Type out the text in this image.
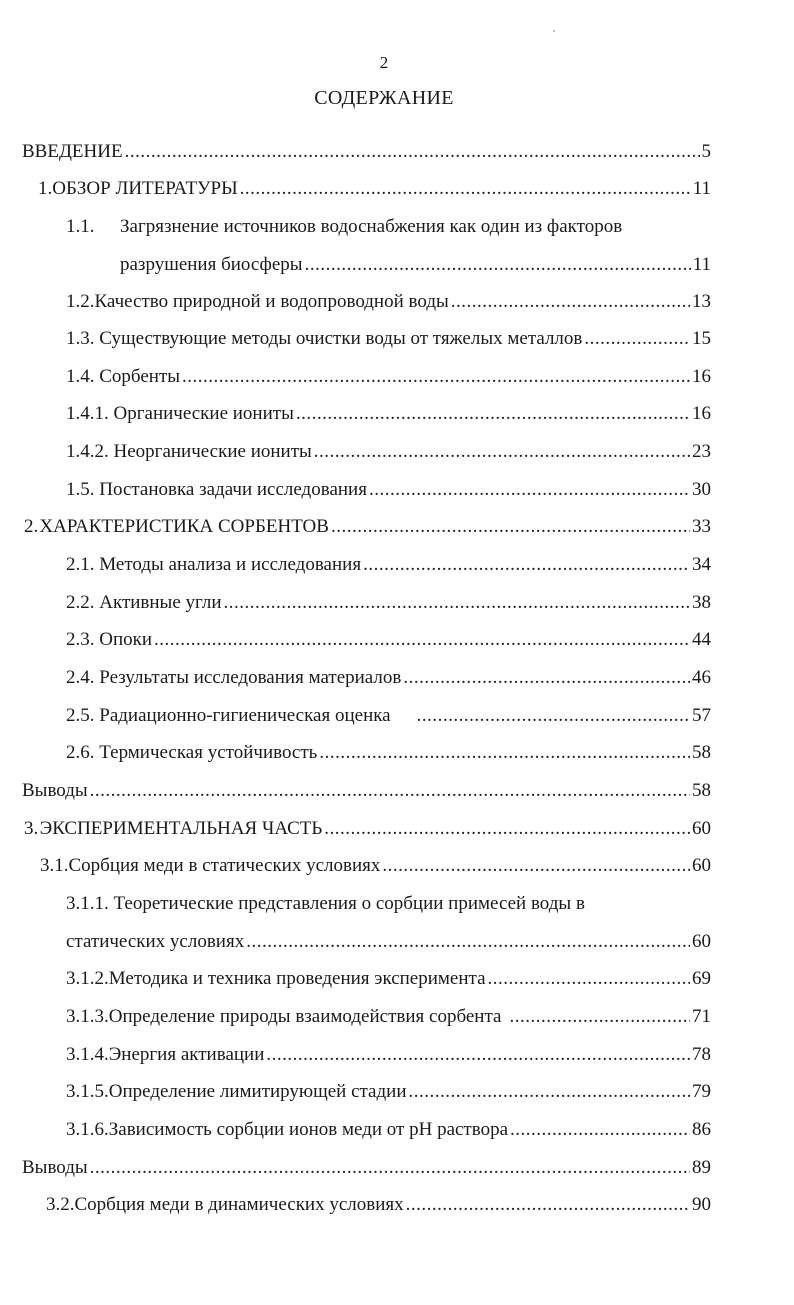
2
СОДЕРЖАНИЕ
ВВЕДЕНИЕ .....	5
1. ОБЗОР ЛИТЕРАТУРЫ .....	11
1.1.	Загрязнение источников водоснабжения как один из факторов
разрушения биосферы .....	11
1.2. Качество природной и водопроводной воды .....	13
1.3. Существующие методы очистки воды от тяжелых металлов .....	15
1.4. Сорбенты .....	16
1.4.1. Органические иониты .....	16
1.4.2. Неорганические иониты .....	23
1.5. Постановка задачи исследования .....	30
2. ХАРАКТЕРИСТИКА СОРБЕНТОВ .....	33
2.1. Методы анализа и исследования .....	34
2.2. Активные угли .....	38
2.3. Опоки .....	44
2.4. Результаты исследования материалов .....	46
2.5. Радиационно-гигиеническая оценка .....	57
2.6. Термическая устойчивость .....	58
Выводы .....	58
3. ЭКСПЕРИМЕНТАЛЬНАЯ ЧАСТЬ .....	60
3.1. Сорбция меди в статических условиях .....	60
3.1.1. Теоретические представления о сорбции примесей воды в
статических условиях .....	60
3.1.2. Методика и техника проведения эксперимента .....	69
3.1.3. Определение природы взаимодействия сорбента .....	71
3.1.4. Энергия активации .....	78
3.1.5. Определение лимитирующей стадии .....	79
3.1.6. Зависимость сорбции ионов меди от pH раствора .....	86
Выводы .....	89
3.2. Сорбция меди в динамических условиях .....	90
